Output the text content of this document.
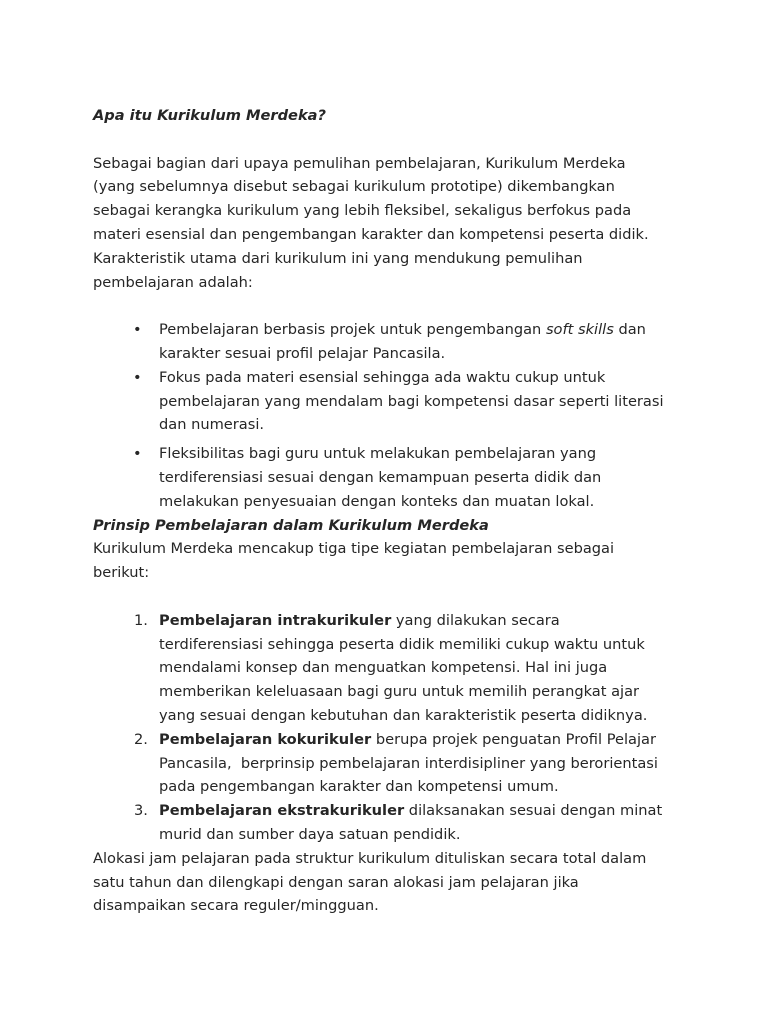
Apa itu Kurikulum Merdeka?
Sebagai bagian dari upaya pemulihan pembelajaran, Kurikulum Merdeka
(yang sebelumnya disebut sebagai kurikulum prototipe) dikembangkan
sebagai kerangka kurikulum yang lebih fleksibel, sekaligus berfokus pada
materi esensial dan pengembangan karakter dan kompetensi peserta didik.
Karakteristik utama dari kurikulum ini yang mendukung pemulihan
pembelajaran adalah:
• Pembelajaran berbasis projek untuk pengembangan soft skills dan
karakter sesuai profil pelajar Pancasila.
• Fokus pada materi esensial sehingga ada waktu cukup untuk
pembelajaran yang mendalam bagi kompetensi dasar seperti literasi
dan numerasi.
• Fleksibilitas bagi guru untuk melakukan pembelajaran yang
terdiferensiasi sesuai dengan kemampuan peserta didik dan
melakukan penyesuaian dengan konteks dan muatan lokal.
Prinsip Pembelajaran dalam Kurikulum Merdeka
Kurikulum Merdeka mencakup tiga tipe kegiatan pembelajaran sebagai
berikut:
1. Pembelajaran intrakurikuler yang dilakukan secara
terdiferensiasi sehingga peserta didik memiliki cukup waktu untuk
mendalami konsep dan menguatkan kompetensi. Hal ini juga
memberikan keleluasaan bagi guru untuk memilih perangkat ajar
yang sesuai dengan kebutuhan dan karakteristik peserta didiknya.
2. Pembelajaran kokurikuler berupa projek penguatan Profil Pelajar
Pancasila,  berprinsip pembelajaran interdisipliner yang berorientasi
pada pengembangan karakter dan kompetensi umum.
3. Pembelajaran ekstrakurikuler dilaksanakan sesuai dengan minat
murid dan sumber daya satuan pendidik.
Alokasi jam pelajaran pada struktur kurikulum dituliskan secara total dalam
satu tahun dan dilengkapi dengan saran alokasi jam pelajaran jika
disampaikan secara reguler/mingguan.
